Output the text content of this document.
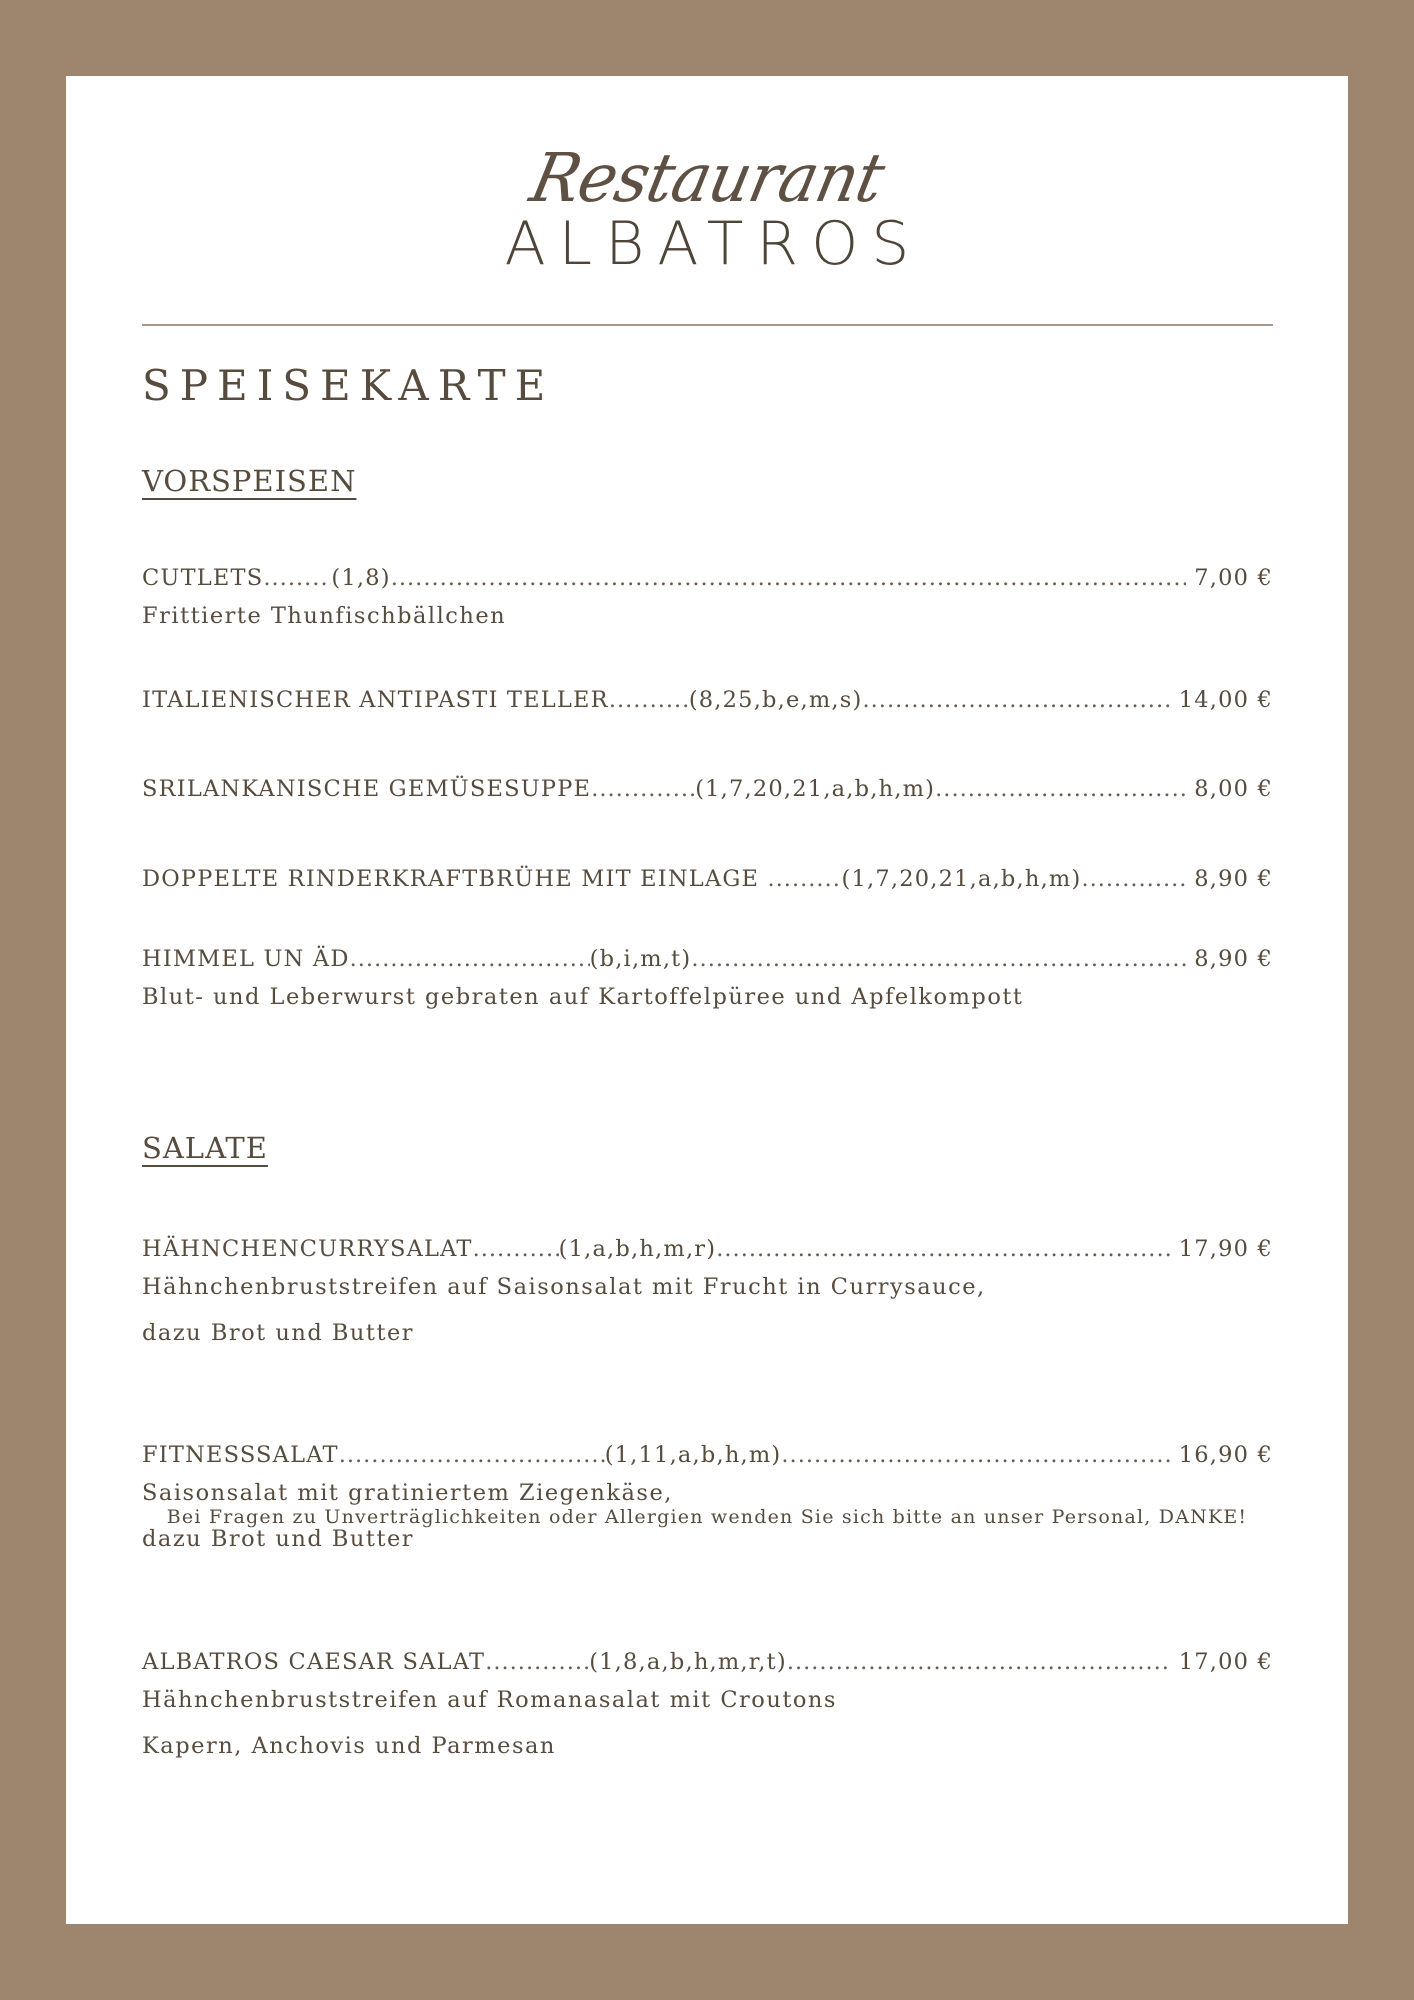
Restaurant
ALBATROS
SPEISEKARTE
VORSPEISEN
CUTLETS .....	(1,8) .....	7,00 €
Frittierte Thunfischbällchen
ITALIENISCHER ANTIPASTI TELLER .....	(8,25,b,e,m,s) .....	14,00 €
SRILANKANISCHE GEMÜSESUPPE .....	(1,7,20,21,a,b,h,m) .....	8,00 €
DOPPELTE RINDERKRAFTBRÜHE MIT EINLAGE .....	(1,7,20,21,a,b,h,m) .....	8,90 €
HIMMEL UN ÄD .....	(b,i,m,t) .....	8,90 €
Blut- und Leberwurst gebraten auf Kartoffelpüree und Apfelkompott
SALATE
HÄHNCHENCURRYSALAT .....	(1,a,b,h,m,r) .....	17,90 €
Hähnchenbruststreifen auf Saisonsalat mit Frucht in Currysauce,
dazu Brot und Butter
FITNESSSALAT .....	(1,11,a,b,h,m) .....	16,90 €
Saisonsalat mit gratiniertem Ziegenkäse,
dazu Brot und Butter
ALBATROS CAESAR SALAT .....	(1,8,a,b,h,m,r,t) .....	17,00 €
Hähnchenbruststreifen auf Romanasalat mit Croutons
Kapern, Anchovis und Parmesan
Bei Fragen zu Unverträglichkeiten oder Allergien wenden Sie sich bitte an unser Personal, DANKE!
